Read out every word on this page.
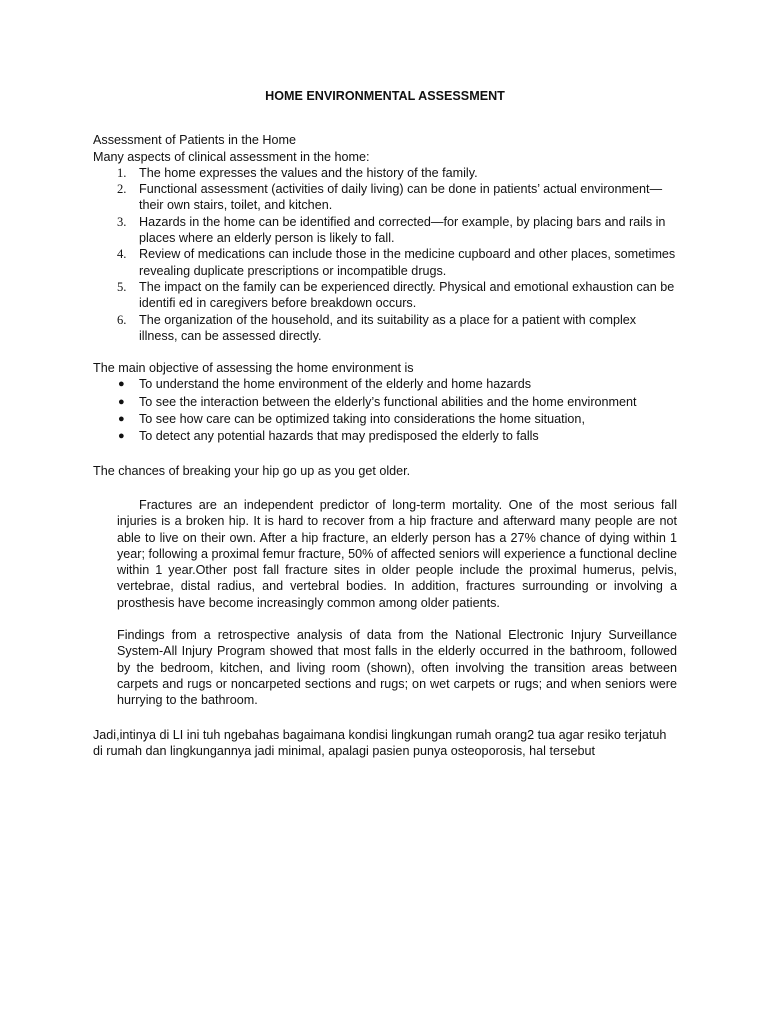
HOME ENVIRONMENTAL ASSESSMENT
Assessment of Patients in the Home
Many aspects of clinical assessment in the home:
1. The home expresses the values and the history of the family.
2. Functional assessment (activities of daily living) can be done in patients’ actual environment—their own stairs, toilet, and kitchen.
3. Hazards in the home can be identified and corrected—for example, by placing bars and rails in places where an elderly person is likely to fall.
4. Review of medications can include those in the medicine cupboard and other places, sometimes revealing duplicate prescriptions or incompatible drugs.
5. The impact on the family can be experienced directly. Physical and emotional exhaustion can be identifi ed in caregivers before breakdown occurs.
6. The organization of the household, and its suitability as a place for a patient with complex illness, can be assessed directly.
The main objective of assessing the home environment is
● To understand the home environment of the elderly and home hazards
● To see the interaction between the elderly’s functional abilities and the home environment
● To see how care can be optimized taking into considerations the home situation,
● To detect any potential hazards that may predisposed the elderly to falls
The chances of breaking your hip go up as you get older.
Fractures are an independent predictor of long-term mortality. One of the most serious fall injuries is a broken hip. It is hard to recover from a hip fracture and afterward many people are not able to live on their own. After a hip fracture, an elderly person has a 27% chance of dying within 1 year; following a proximal femur fracture, 50% of affected seniors will experience a functional decline within 1 year.Other post fall fracture sites in older people include the proximal humerus, pelvis, vertebrae, distal radius, and vertebral bodies. In addition, fractures surrounding or involving a prosthesis have become increasingly common among older patients.
Findings from a retrospective analysis of data from the National Electronic Injury Surveillance System-All Injury Program showed that most falls in the elderly occurred in the bathroom, followed by the bedroom, kitchen, and living room (shown), often involving the transition areas between carpets and rugs or noncarpeted sections and rugs; on wet carpets or rugs; and when seniors were hurrying to the bathroom.
Jadi,intinya di LI ini tuh ngebahas bagaimana kondisi lingkungan rumah orang2 tua agar resiko terjatuh di rumah dan lingkungannya jadi minimal, apalagi pasien punya osteoporosis, hal tersebut
